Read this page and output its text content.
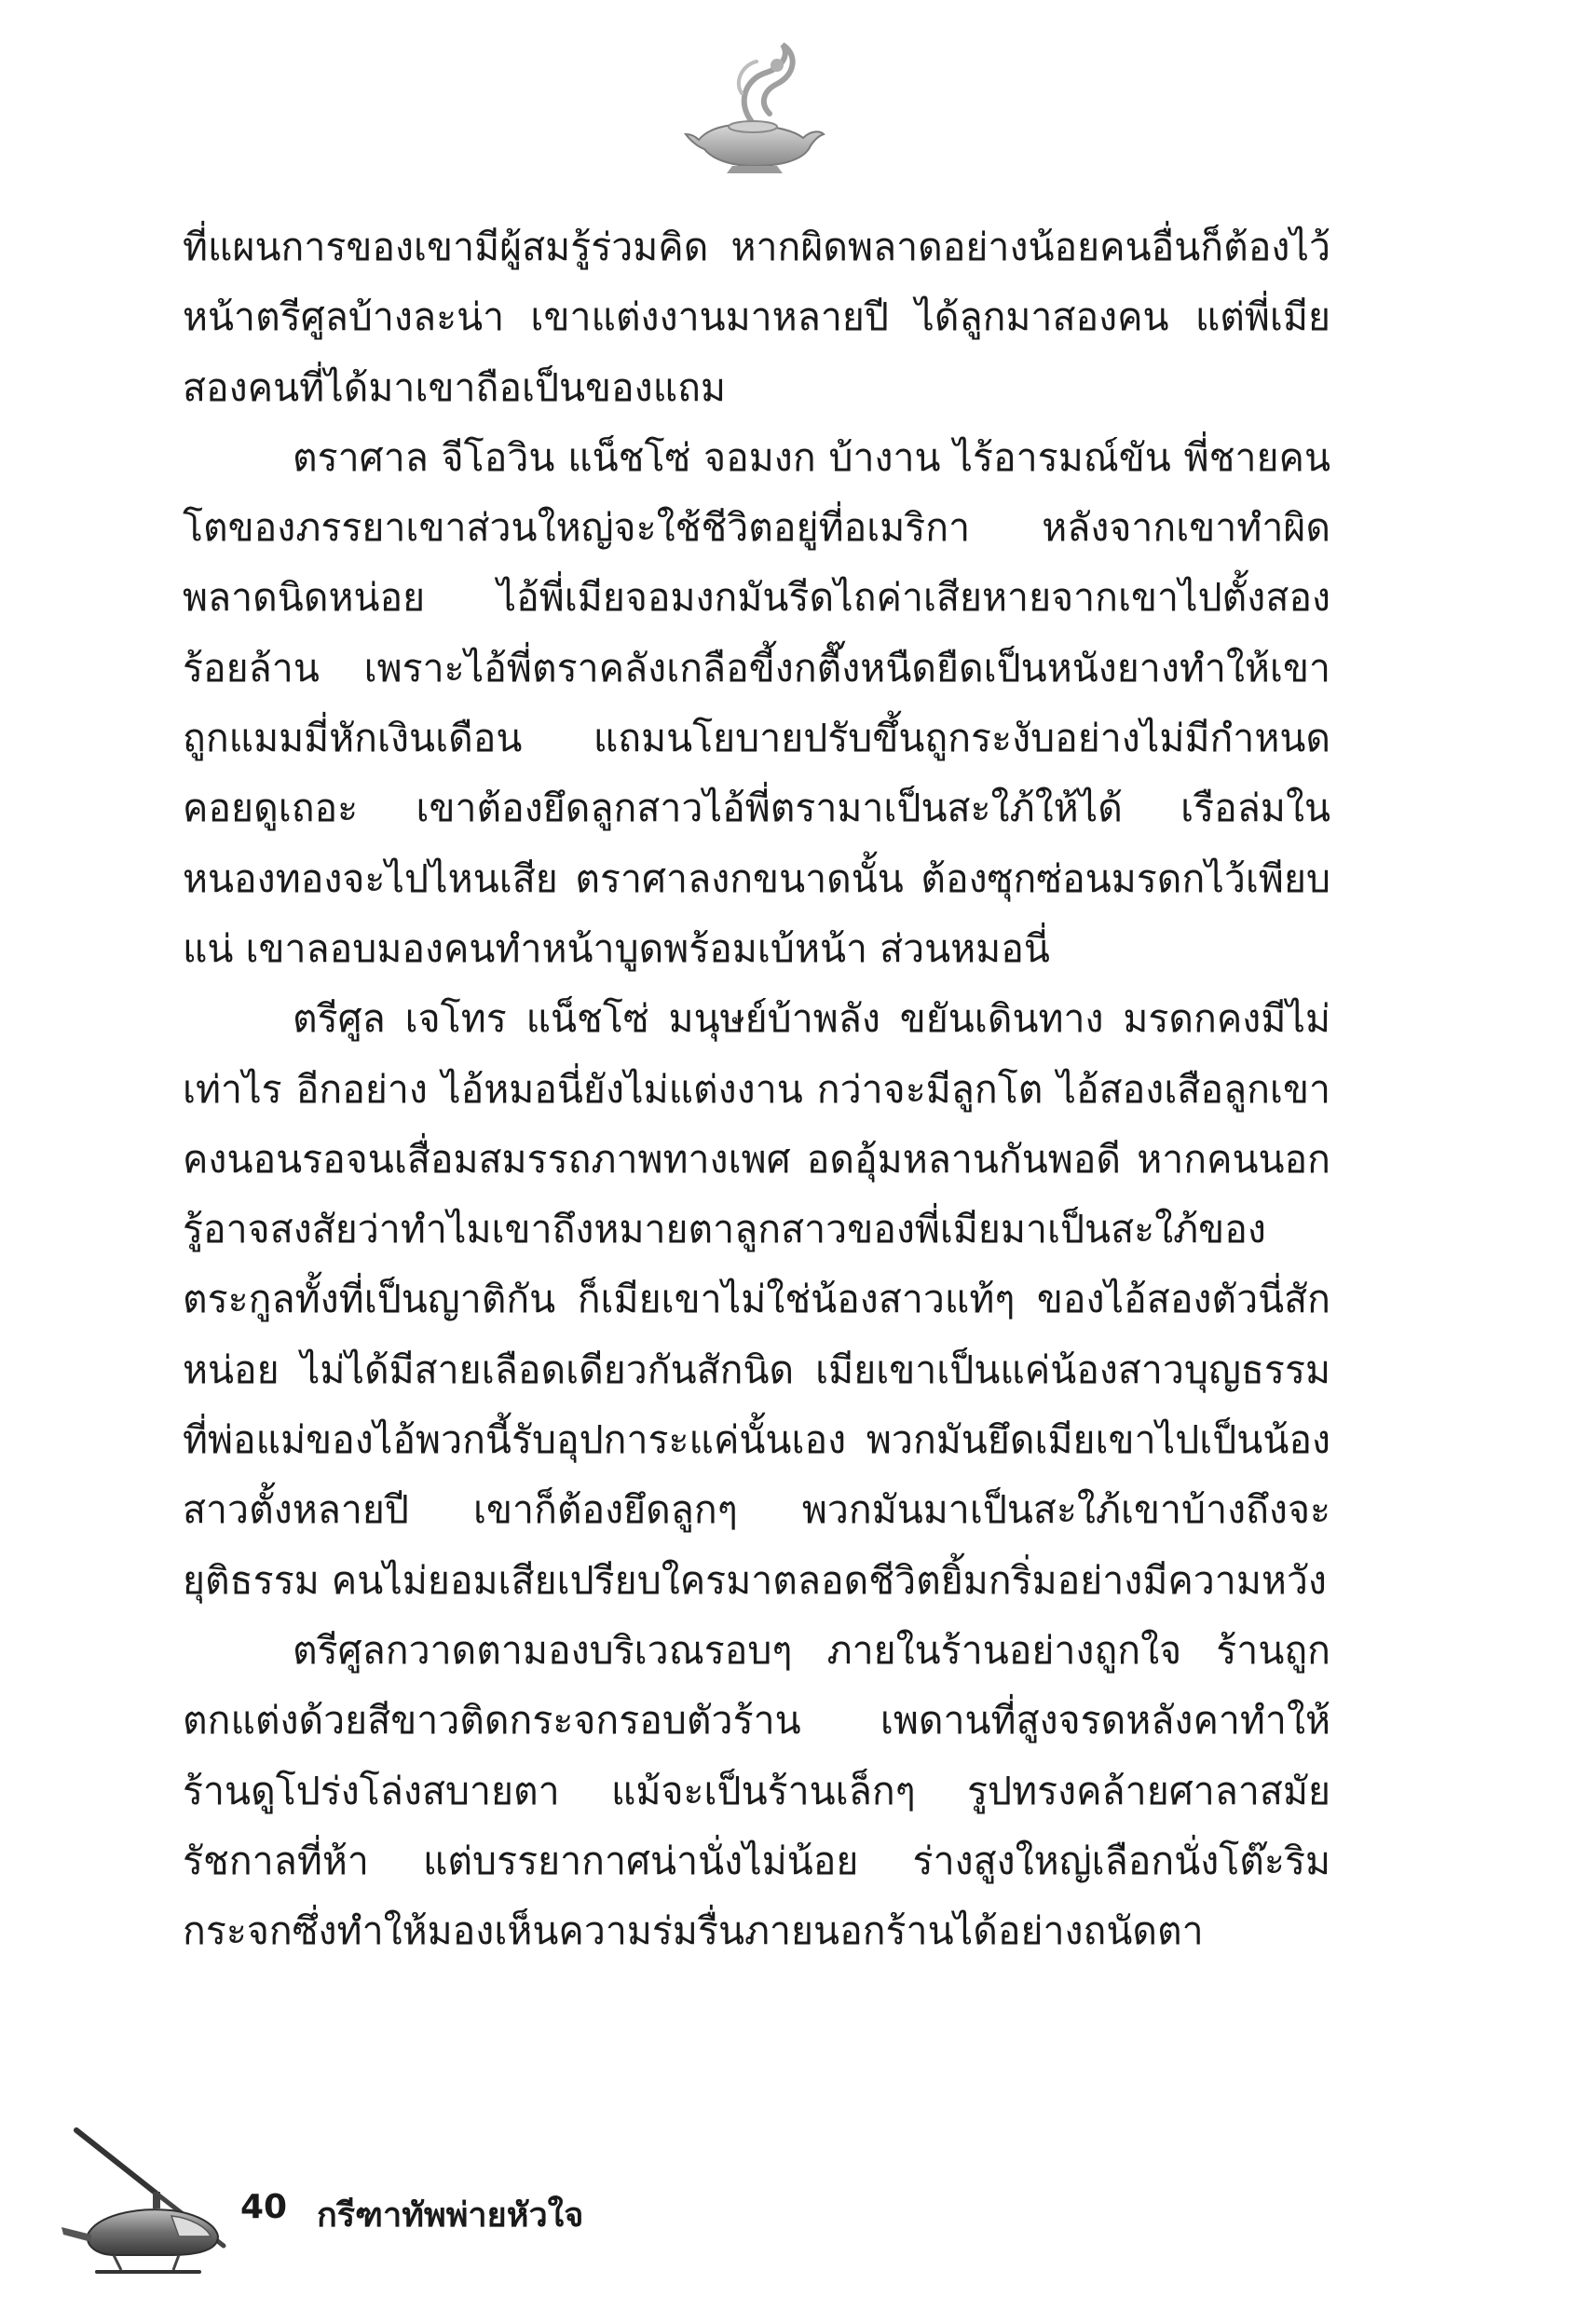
ที่แผนการของเขามีผู้สมรู้ร่วมคิด หากผิดพลาดอย่างน้อยคนอื่นก็ต้องไว้หน้าตรีศูลบ้างละน่า เขาแต่งงานมาหลายปี ได้ลูกมาสองคน แต่พี่เมียสองคนที่ได้มาเขาถือเป็นของแถม

ตราศาล จีโอวิน แน็ชโซ่ จอมงก บ้างาน ไร้อารมณ์ขัน พี่ชายคนโตของภรรยาเขาส่วนใหญ่จะใช้ชีวิตอยู่ที่อเมริกา หลังจากเขาทำผิดพลาดนิดหน่อย ไอ้พี่เมียจอมงกมันรีดไถค่าเสียหายจากเขาไปตั้งสองร้อยล้าน เพราะไอ้พี่ตราคลังเกลือขี้งกตื๊งหนืดยืดเป็นหนังยางทำให้เขาถูกแมมมี่หักเงินเดือน แถมนโยบายปรับขึ้นถูกระงับอย่างไม่มีกำหนด คอยดูเถอะ เขาต้องยึดลูกสาวไอ้พี่ตรามาเป็นสะใภ้ให้ได้ เรือล่มในหนองทองจะไปไหนเสีย ตราศาลงกขนาดนั้น ต้องซุกซ่อนมรดกไว้เพียบแน่ เขาลอบมองคนทำหน้าบูดพร้อมเบ้หน้า ส่วนหมอนี่

ตรีศูล เจโทร แน็ชโซ่ มนุษย์บ้าพลัง ขยันเดินทาง มรดกคงมีไม่เท่าไร อีกอย่าง ไอ้หมอนี่ยังไม่แต่งงาน กว่าจะมีลูกโต ไอ้สองเสือลูกเขาคงนอนรอจนเสื่อมสมรรถภาพทางเพศ อดอุ้มหลานกันพอดี หากคนนอกรู้อาจสงสัยว่าทำไมเขาถึงหมายตาลูกสาวของพี่เมียมาเป็นสะใภ้ของตระกูลทั้งที่เป็นญาติกัน ก็เมียเขาไม่ใช่น้องสาวแท้ๆ ของไอ้สองตัวนี่สักหน่อย ไม่ได้มีสายเลือดเดียวกันสักนิด เมียเขาเป็นแค่น้องสาวบุญธรรมที่พ่อแม่ของไอ้พวกนี้รับอุปการะแค่นั้นเอง พวกมันยึดเมียเขาไปเป็นน้องสาวตั้งหลายปี เขาก็ต้องยึดลูกๆ พวกมันมาเป็นสะใภ้เขาบ้างถึงจะยุติธรรม คนไม่ยอมเสียเปรียบใครมาตลอดชีวิตยิ้มกริ่มอย่างมีความหวัง

ตรีศูลกวาดตามองบริเวณรอบๆ ภายในร้านอย่างถูกใจ ร้านถูกตกแต่งด้วยสีขาวติดกระจกรอบตัวร้าน เพดานที่สูงจรดหลังคาทำให้ร้านดูโปร่งโล่งสบายตา แม้จะเป็นร้านเล็กๆ รูปทรงคล้ายศาลาสมัยรัชกาลที่ห้า แต่บรรยากาศน่านั่งไม่น้อย ร่างสูงใหญ่เลือกนั่งโต๊ะริมกระจกซึ่งทำให้มองเห็นความร่มรื่นภายนอกร้านได้อย่างถนัดตา

40 กรีฑาทัพพ่ายหัวใจ
